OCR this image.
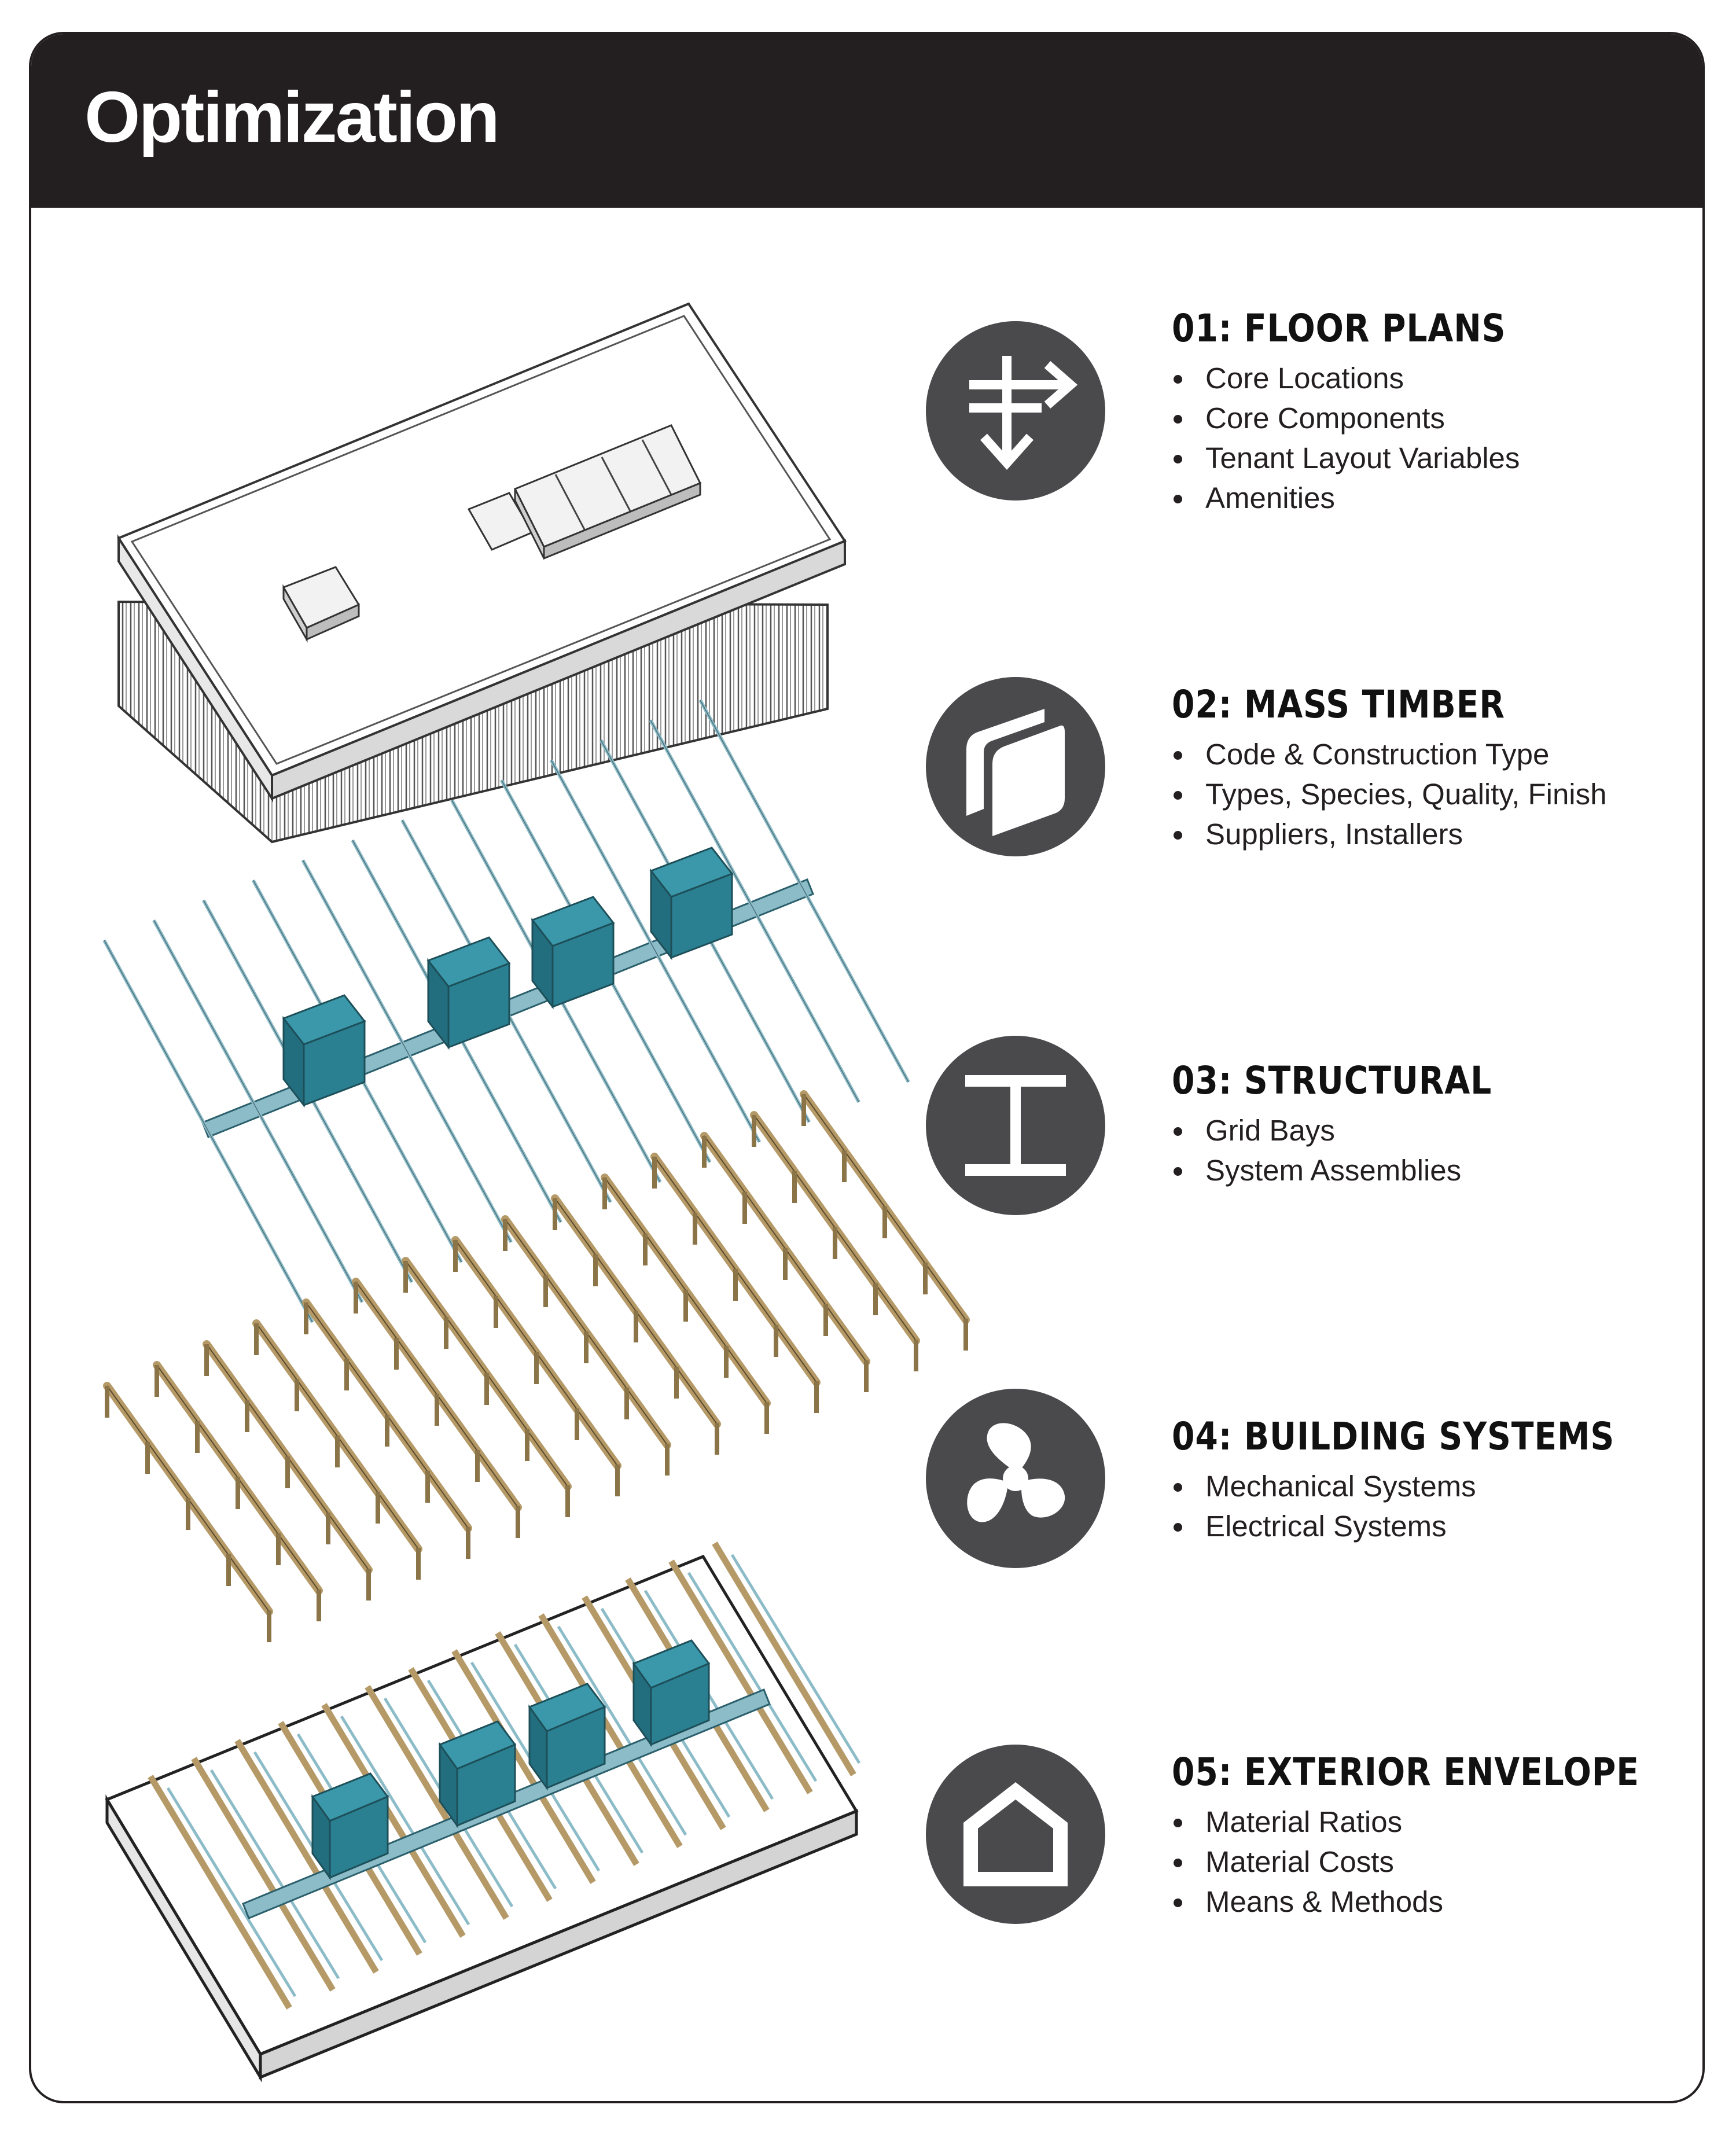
Optimization
01: FLOOR PLANS
Core Locations
Core Components
Tenant Layout Variables
Amenities
02: MASS TIMBER
Code & Construction Type
Types, Species, Quality, Finish
Suppliers, Installers
03: STRUCTURAL
Grid Bays
System Assemblies
04: BUILDING SYSTEMS
Mechanical Systems
Electrical Systems
05: EXTERIOR ENVELOPE
Material Ratios
Material Costs
Means & Methods
